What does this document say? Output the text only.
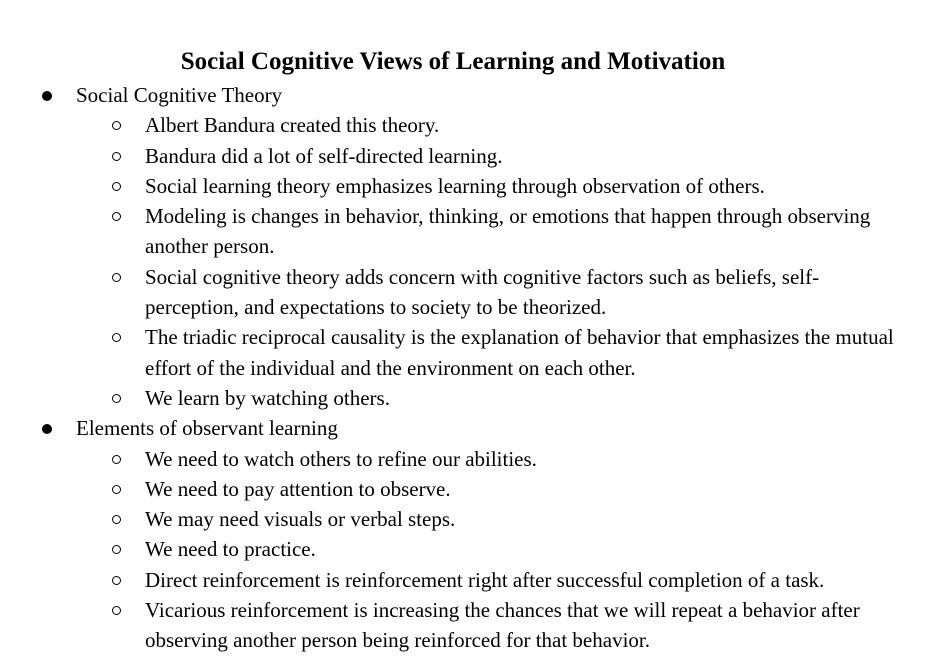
Social Cognitive Views of Learning and Motivation
Social Cognitive Theory
Albert Bandura created this theory.
Bandura did a lot of self-directed learning.
Social learning theory emphasizes learning through observation of others.
Modeling is changes in behavior, thinking, or emotions that happen through observing another person.
Social cognitive theory adds concern with cognitive factors such as beliefs, self-perception, and expectations to society to be theorized.
The triadic reciprocal causality is the explanation of behavior that emphasizes the mutual effort of the individual and the environment on each other.
We learn by watching others.
Elements of observant learning
We need to watch others to refine our abilities.
We need to pay attention to observe.
We may need visuals or verbal steps.
We need to practice.
Direct reinforcement is reinforcement right after successful completion of a task.
Vicarious reinforcement is increasing the chances that we will repeat a behavior after observing another person being reinforced for that behavior.
